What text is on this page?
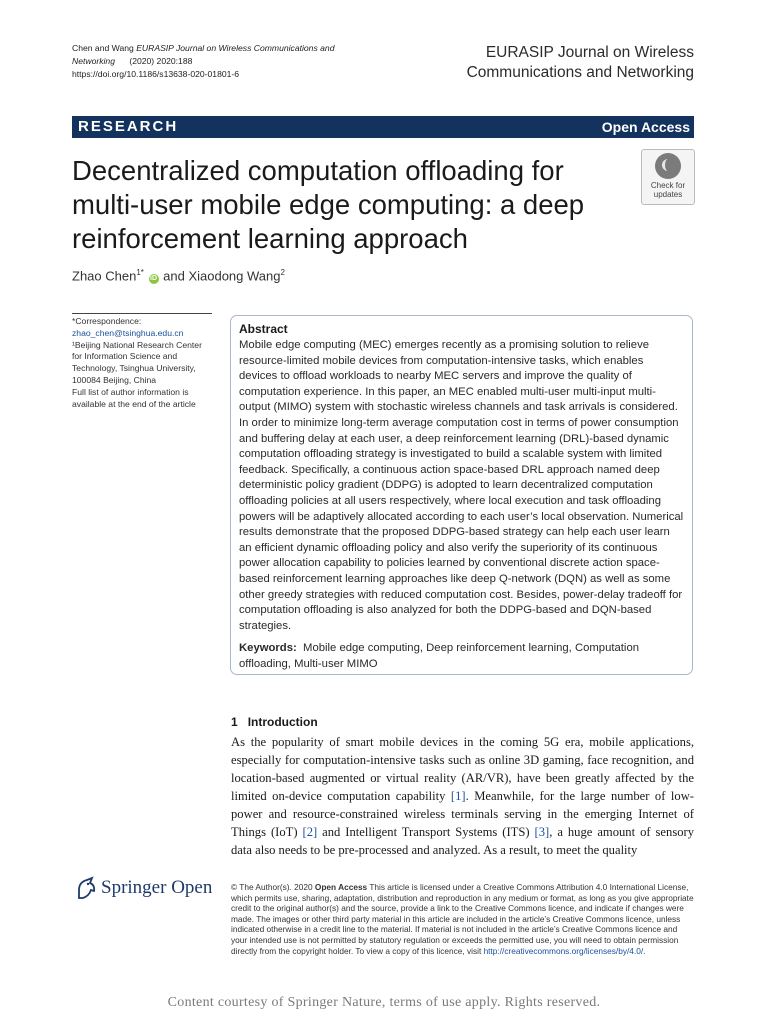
Chen and Wang EURASIP Journal on Wireless Communications and Networking (2020) 2020:188
https://doi.org/10.1186/s13638-020-01801-6
EURASIP Journal on Wireless
Communications and Networking
RESEARCH	Open Access
Decentralized computation offloading for multi-user mobile edge computing: a deep reinforcement learning approach
Check for
updates
Zhao Chen$^{1*}$ iD and Xiaodong Wang$^2$
*Correspondence:
zhao_chen@tsinghua.edu.cn
¹Beijing National Research Center for Information Science and Technology, Tsinghua University, 100084 Beijing, China
Full list of author information is available at the end of the article
Abstract

Mobile edge computing (MEC) emerges recently as a promising solution to relieve resource-limited mobile devices from computation-intensive tasks, which enables devices to offload workloads to nearby MEC servers and improve the quality of computation experience. In this paper, an MEC enabled multi-user multi-input multi-output (MIMO) system with stochastic wireless channels and task arrivals is considered. In order to minimize long-term average computation cost in terms of power consumption and buffering delay at each user, a deep reinforcement learning (DRL)-based dynamic computation offloading strategy is investigated to build a scalable system with limited feedback. Specifically, a continuous action space-based DRL approach named deep deterministic policy gradient (DDPG) is adopted to learn decentralized computation offloading policies at all users respectively, where local execution and task offloading powers will be adaptively allocated according to each user’s local observation. Numerical results demonstrate that the proposed DDPG-based strategy can help each user learn an efficient dynamic offloading policy and also verify the superiority of its continuous power allocation capability to policies learned by conventional discrete action space-based reinforcement learning approaches like deep Q-network (DQN) as well as some other greedy strategies with reduced computation cost. Besides, power-delay tradeoff for computation offloading is also analyzed for both the DDPG-based and DQN-based strategies.

Keywords: Mobile edge computing, Deep reinforcement learning, Computation offloading, Multi-user MIMO
1 Introduction
As the popularity of smart mobile devices in the coming 5G era, mobile applications, especially for computation-intensive tasks such as online 3D gaming, face recognition, and location-based augmented or virtual reality (AR/VR), have been greatly affected by the limited on-device computation capability [1]. Meanwhile, for the large number of low-power and resource-constrained wireless terminals serving in the emerging Internet of Things (IoT) [2] and Intelligent Transport Systems (ITS) [3], a huge amount of sensory data also needs to be pre-processed and analyzed. As a result, to meet the quality
Springer Open © The Author(s). 2020 Open Access This article is licensed under a Creative Commons Attribution 4.0 International License, which permits use, sharing, adaptation, distribution and reproduction in any medium or format, as long as you give appropriate credit to the original author(s) and the source, provide a link to the Creative Commons licence, and indicate if changes were made. The images or other third party material in this article are included in the article’s Creative Commons licence, unless indicated otherwise in a credit line to the material. If material is not included in the article’s Creative Commons licence and your intended use is not permitted by statutory regulation or exceeds the permitted use, you will need to obtain permission directly from the copyright holder. To view a copy of this licence, visit http://creativecommons.org/licenses/by/4.0/.
Content courtesy of Springer Nature, terms of use apply. Rights reserved.
